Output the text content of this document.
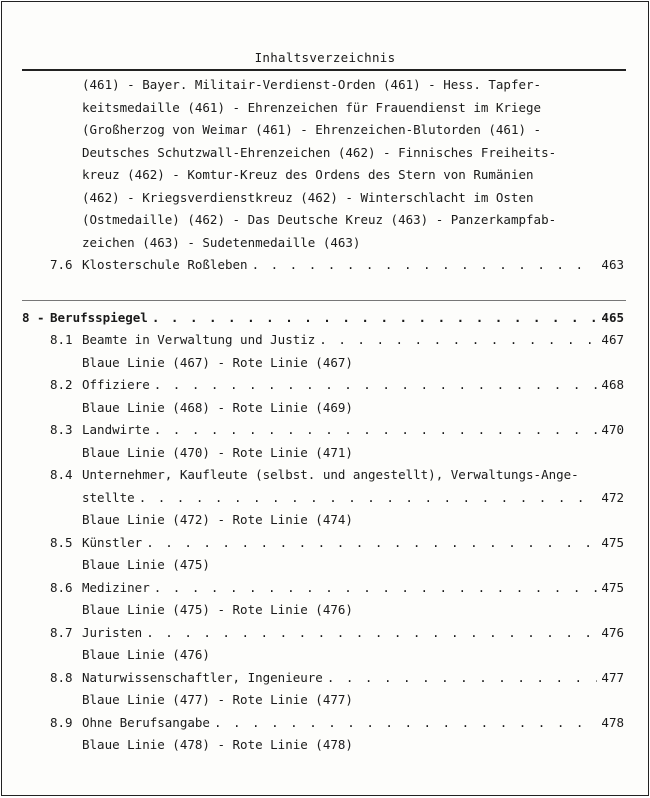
Inhaltsverzeichnis
(461) - Bayer. Militair-Verdienst-Orden (461) - Hess. Tapfer-
keitsmedaille (461) - Ehrenzeichen für Frauendienst im Kriege
(Großherzog von Weimar (461) - Ehrenzeichen-Blutorden (461) -
Deutsches Schutzwall-Ehrenzeichen (462) - Finnisches Freiheits-
kreuz (462) - Komtur-Kreuz des Ordens des Stern von Rumänien
(462) - Kriegsverdienstkreuz (462) - Winterschlacht im Osten
(Ostmedaille) (462) - Das Deutsche Kreuz (463) - Panzerkampfab-
zeichen (463) - Sudetenmedaille (463)
7.6 Klosterschule Roßleben . . .	463
8 - Berufsspiegel . . .	465
8.1 Beamte in Verwaltung und Justiz . . .	467
Blaue Linie (467) - Rote Linie (467)
8.2 Offiziere . . .	468
Blaue Linie (468) - Rote Linie (469)
8.3 Landwirte . . .	470
Blaue Linie (470) - Rote Linie (471)
8.4 Unternehmer, Kaufleute (selbst. und angestellt), Verwaltungs-Ange-
stellte . . .	472
Blaue Linie (472) - Rote Linie (474)
8.5 Künstler . . .	475
Blaue Linie (475)
8.6 Mediziner . . .	475
Blaue Linie (475) - Rote Linie (476)
8.7 Juristen . . .	476
Blaue Linie (476)
8.8 Naturwissenschaftler, Ingenieure . . .	477
Blaue Linie (477) - Rote Linie (477)
8.9 Ohne Berufsangabe . . .	478
Blaue Linie (478) - Rote Linie (478)
